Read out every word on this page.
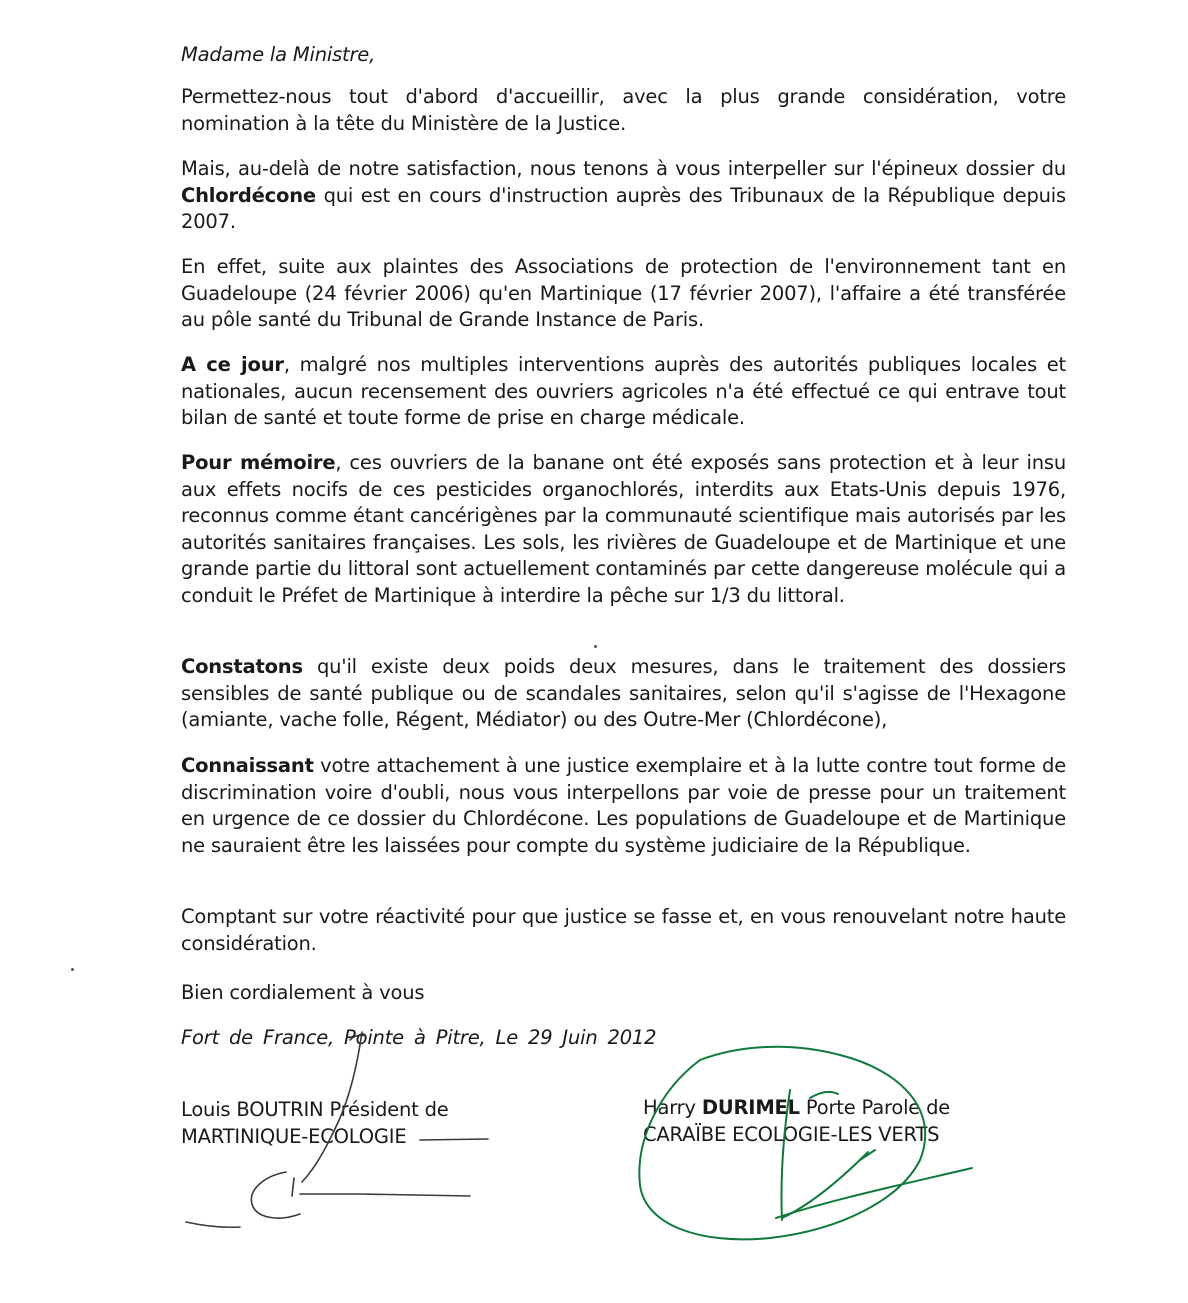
Madame la Ministre,
Permettez-nous tout d'abord d'accueillir, avec la plus grande considération, votre nomination à la tête du Ministère de la Justice.
Mais, au-delà de notre satisfaction, nous tenons à vous interpeller sur l'épineux dossier du Chlordécone qui est en cours d'instruction auprès des Tribunaux de la République depuis 2007.
En effet, suite aux plaintes des Associations de protection de l'environnement tant en Guadeloupe (24 février 2006) qu'en Martinique (17 février 2007), l'affaire a été transférée au pôle santé du Tribunal de Grande Instance de Paris.
A ce jour, malgré nos multiples interventions auprès des autorités publiques locales et nationales, aucun recensement des ouvriers agricoles n'a été effectué ce qui entrave tout bilan de santé et toute forme de prise en charge médicale.
Pour mémoire, ces ouvriers de la banane ont été exposés sans protection et à leur insu aux effets nocifs de ces pesticides organochlorés, interdits aux Etats-Unis depuis 1976, reconnus comme étant cancérigènes par la communauté scientifique mais autorisés par les autorités sanitaires françaises. Les sols, les rivières de Guadeloupe et de Martinique et une grande partie du littoral sont actuellement contaminés par cette dangereuse molécule qui a conduit le Préfet de Martinique à interdire la pêche sur 1/3 du littoral.
Constatons qu'il existe deux poids deux mesures, dans le traitement des dossiers sensibles de santé publique ou de scandales sanitaires, selon qu'il s'agisse de l'Hexagone (amiante, vache folle, Régent, Médiator) ou des Outre-Mer (Chlordécone),
Connaissant votre attachement à une justice exemplaire et à la lutte contre tout forme de discrimination voire d'oubli, nous vous interpellons par voie de presse pour un traitement en urgence de ce dossier du Chlordécone. Les populations de Guadeloupe et de Martinique ne sauraient être les laissées pour compte du système judiciaire de la République.
Comptant sur votre réactivité pour que justice se fasse et, en vous renouvelant notre haute considération.
Bien cordialement à vous
Fort de France, Pointe à Pitre, Le 29 Juin 2012
Louis BOUTRIN Président de
MARTINIQUE-ECOLOGIE
Harry DURIMEL Porte Parole de
CARAÏBE ECOLOGIE-LES VERTS
